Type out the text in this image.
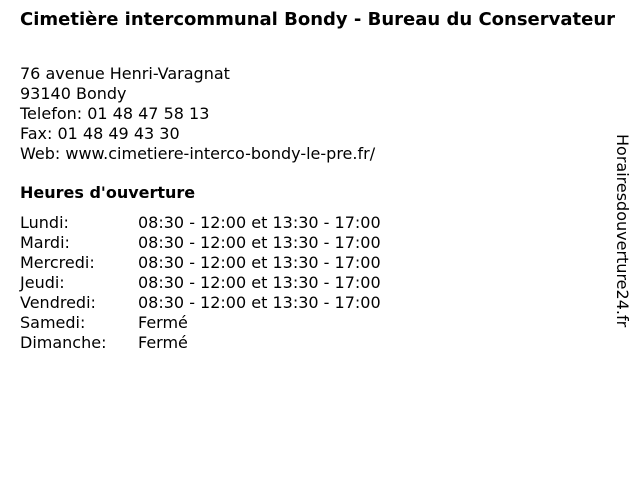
Cimetière intercommunal Bondy - Bureau du Conservateur
76 avenue Henri-Varagnat
93140 Bondy
Telefon: 01 48 47 58 13
Fax: 01 48 49 43 30
Web: www.cimetiere-interco-bondy-le-pre.fr/
Heures d'ouverture
Lundi:	08:30 - 12:00 et 13:30 - 17:00
Mardi:	08:30 - 12:00 et 13:30 - 17:00
Mercredi:	08:30 - 12:00 et 13:30 - 17:00
Jeudi:	08:30 - 12:00 et 13:30 - 17:00
Vendredi:	08:30 - 12:00 et 13:30 - 17:00
Samedi:	Fermé
Dimanche:	Fermé
Horairesdouverture24.fr
